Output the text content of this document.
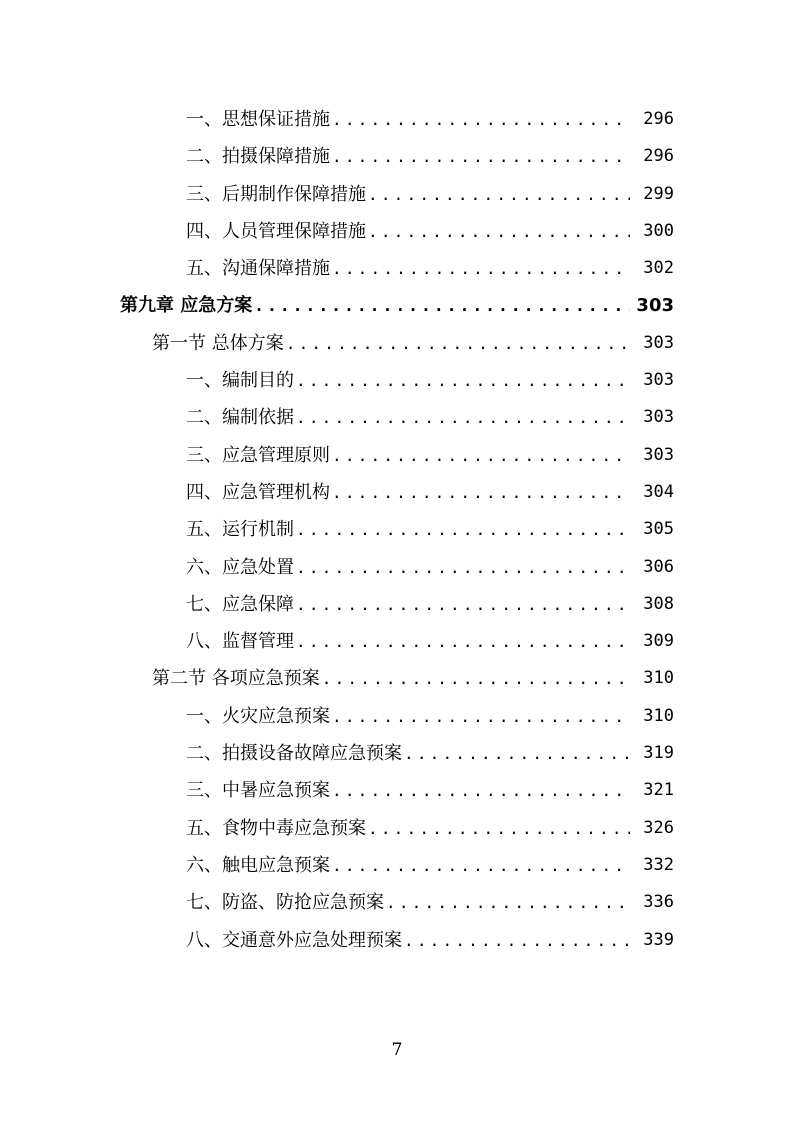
一、思想保证措施 .....	296
二、拍摄保障措施 .....	296
三、后期制作保障措施 .....	299
四、人员管理保障措施 .....	300
五、沟通保障措施 .....	302
第九章 应急方案 .....	303
第一节 总体方案 .....	303
一、编制目的 .....	303
二、编制依据 .....	303
三、应急管理原则 .....	303
四、应急管理机构 .....	304
五、运行机制 .....	305
六、应急处置 .....	306
七、应急保障 .....	308
八、监督管理 .....	309
第二节 各项应急预案 .....	310
一、火灾应急预案 .....	310
二、拍摄设备故障应急预案 .....	319
三、中暑应急预案 .....	321
五、食物中毒应急预案 .....	326
六、触电应急预案 .....	332
七、防盗、防抢应急预案 .....	336
八、交通意外应急处理预案 .....	339
7
